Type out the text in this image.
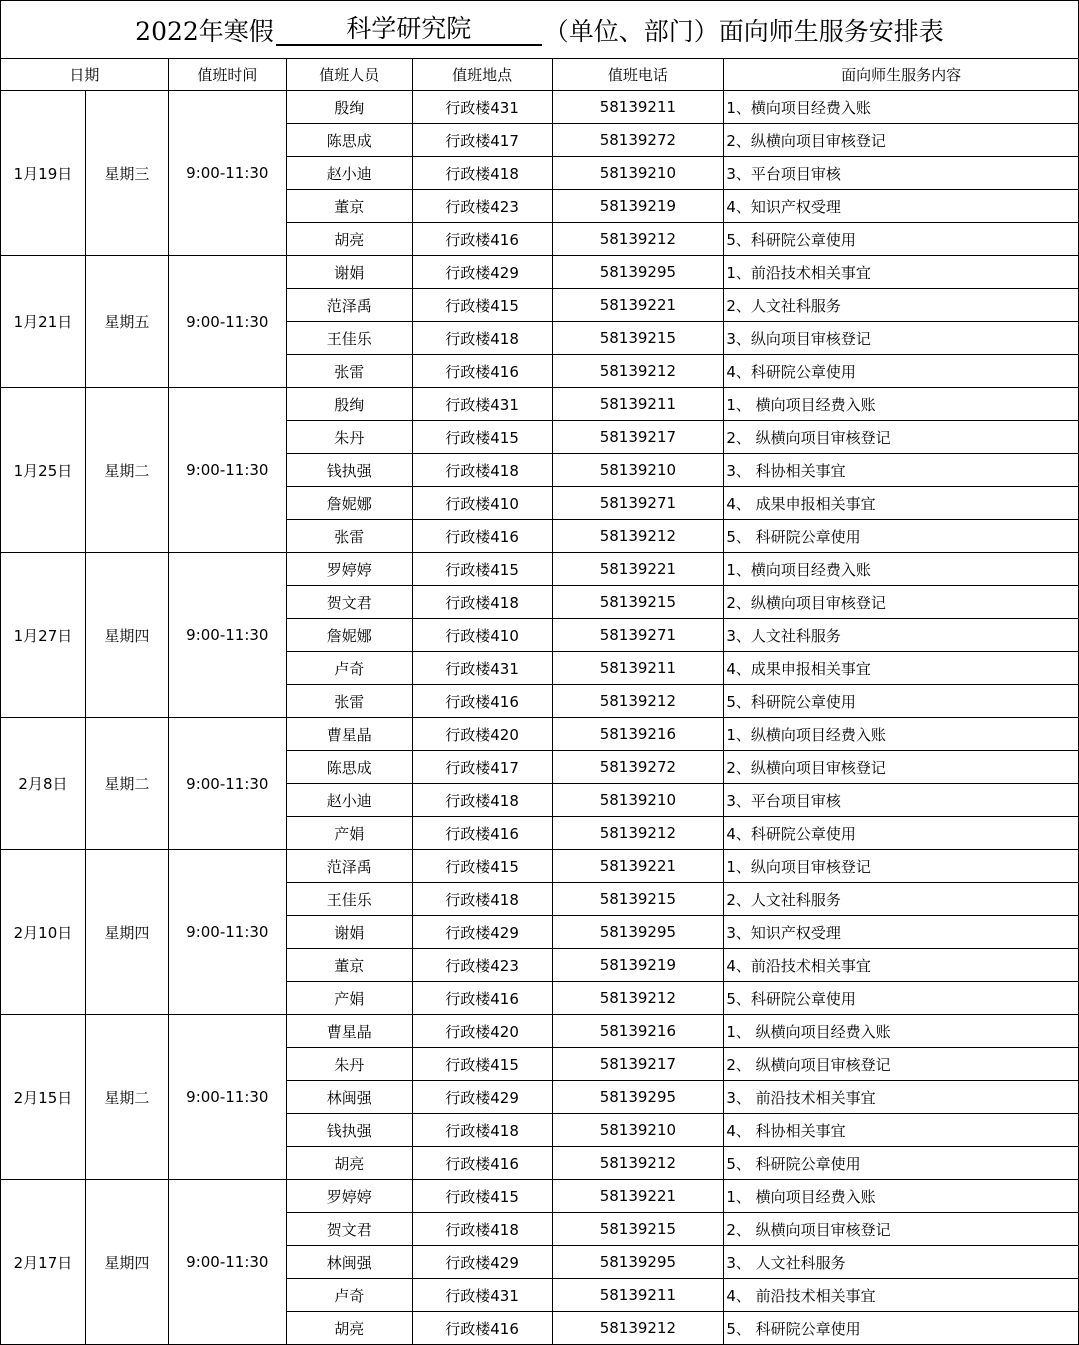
2022年寒假	科学研究院	（单位、部门）面向师生服务安排表
日期		值班时间	值班人员	值班地点	值班电话	面向师生服务内容
1月19日	星期三	9:00-11:30	殷绚	行政楼431	58139211	1、横向项目经费入账
			陈思成	行政楼417	58139272	2、纵横向项目审核登记
			赵小迪	行政楼418	58139210	3、平台项目审核
			董京	行政楼423	58139219	4、知识产权受理
			胡亮	行政楼416	58139212	5、科研院公章使用
1月21日	星期五	9:00-11:30	谢娟	行政楼429	58139295	1、前沿技术相关事宜
			范泽禹	行政楼415	58139221	2、人文社科服务
			王佳乐	行政楼418	58139215	3、纵向项目审核登记
			张雷	行政楼416	58139212	4、科研院公章使用
1月25日	星期二	9:00-11:30	殷绚	行政楼431	58139211	1、 横向项目经费入账
			朱丹	行政楼415	58139217	2、 纵横向项目审核登记
			钱执强	行政楼418	58139210	3、 科协相关事宜
			詹妮娜	行政楼410	58139271	4、 成果申报相关事宜
			张雷	行政楼416	58139212	5、 科研院公章使用
1月27日	星期四	9:00-11:30	罗婷婷	行政楼415	58139221	1、横向项目经费入账
			贺文君	行政楼418	58139215	2、纵横向项目审核登记
			詹妮娜	行政楼410	58139271	3、人文社科服务
			卢奇	行政楼431	58139211	4、成果申报相关事宜
			张雷	行政楼416	58139212	5、科研院公章使用
2月8日	星期二	9:00-11:30	曹星晶	行政楼420	58139216	1、纵横向项目经费入账
			陈思成	行政楼417	58139272	2、纵横向项目审核登记
			赵小迪	行政楼418	58139210	3、平台项目审核
			产娟	行政楼416	58139212	4、科研院公章使用
2月10日	星期四	9:00-11:30	范泽禹	行政楼415	58139221	1、纵向项目审核登记
			王佳乐	行政楼418	58139215	2、人文社科服务
			谢娟	行政楼429	58139295	3、知识产权受理
			董京	行政楼423	58139219	4、前沿技术相关事宜
			产娟	行政楼416	58139212	5、科研院公章使用
2月15日	星期二	9:00-11:30	曹星晶	行政楼420	58139216	1、 纵横向项目经费入账
			朱丹	行政楼415	58139217	2、 纵横向项目审核登记
			林闽强	行政楼429	58139295	3、 前沿技术相关事宜
			钱执强	行政楼418	58139210	4、 科协相关事宜
			胡亮	行政楼416	58139212	5、 科研院公章使用
2月17日	星期四	9:00-11:30	罗婷婷	行政楼415	58139221	1、 横向项目经费入账
			贺文君	行政楼418	58139215	2、 纵横向项目审核登记
			林闽强	行政楼429	58139295	3、 人文社科服务
			卢奇	行政楼431	58139211	4、 前沿技术相关事宜
			胡亮	行政楼416	58139212	5、 科研院公章使用
